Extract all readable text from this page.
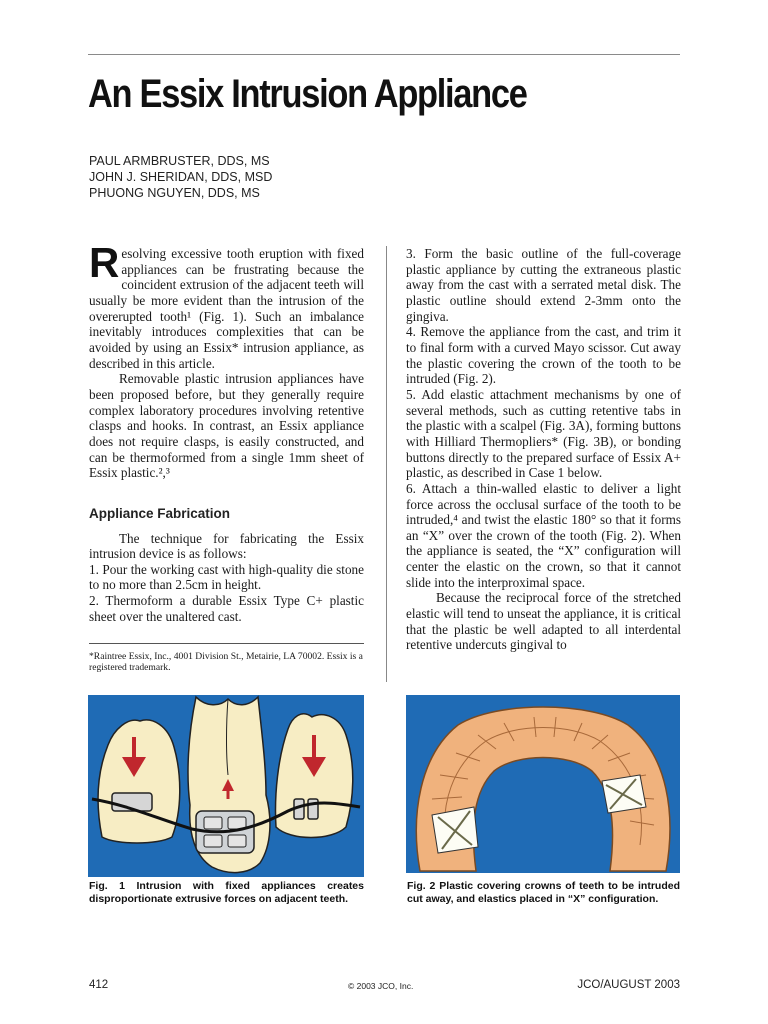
An Essix Intrusion Appliance
PAUL ARMBRUSTER, DDS, MS
JOHN J. SHERIDAN, DDS, MSD
PHUONG NGUYEN, DDS, MS

Resolving excessive tooth eruption with fixed appliances can be frustrating because the coincident extrusion of the adjacent teeth will usually be more evident than the intrusion of the overerupted tooth¹ (Fig. 1). Such an imbalance inevitably introduces complexities that can be avoided by using an Essix* intrusion appliance, as described in this article.

Removable plastic intrusion appliances have been proposed before, but they generally require complex laboratory procedures involving retentive clasps and hooks. In contrast, an Essix appliance does not require clasps, is easily constructed, and can be thermoformed from a single 1mm sheet of Essix plastic.²,³

Appliance Fabrication

The technique for fabricating the Essix intrusion device is as follows:

1. Pour the working cast with high-quality die stone to no more than 2.5cm in height.

2. Thermoform a durable Essix Type C+ plastic sheet over the unaltered cast.

*Raintree Essix, Inc., 4001 Division St., Metairie, LA 70002. Essix is a registered trademark.

3. Form the basic outline of the full-coverage plastic appliance by cutting the extraneous plastic away from the cast with a serrated metal disk. The plastic outline should extend 2-3mm onto the gingiva.

4. Remove the appliance from the cast, and trim it to final form with a curved Mayo scissor. Cut away the plastic covering the crown of the tooth to be intruded (Fig. 2).

5. Add elastic attachment mechanisms by one of several methods, such as cutting retentive tabs in the plastic with a scalpel (Fig. 3A), forming buttons with Hilliard Thermopliers* (Fig. 3B), or bonding buttons directly to the prepared surface of Essix A+ plastic, as described in Case 1 below.

6. Attach a thin-walled elastic to deliver a light force across the occlusal surface of the tooth to be intruded,⁴ and twist the elastic 180° so that it forms an “X” over the crown of the tooth (Fig. 2). When the appliance is seated, the “X” configuration will center the elastic on the crown, so that it cannot slide into the interproximal space.

Because the reciprocal force of the stretched elastic will tend to unseat the appliance, it is critical that the plastic be well adapted to all interdental retentive undercuts gingival to

Fig. 1 Intrusion with fixed appliances creates disproportionate extrusive forces on adjacent teeth.
Fig. 2 Plastic covering crowns of teeth to be intruded cut away, and elastics placed in “X” configuration.
412	© 2003 JCO, Inc.	JCO/AUGUST 2003
